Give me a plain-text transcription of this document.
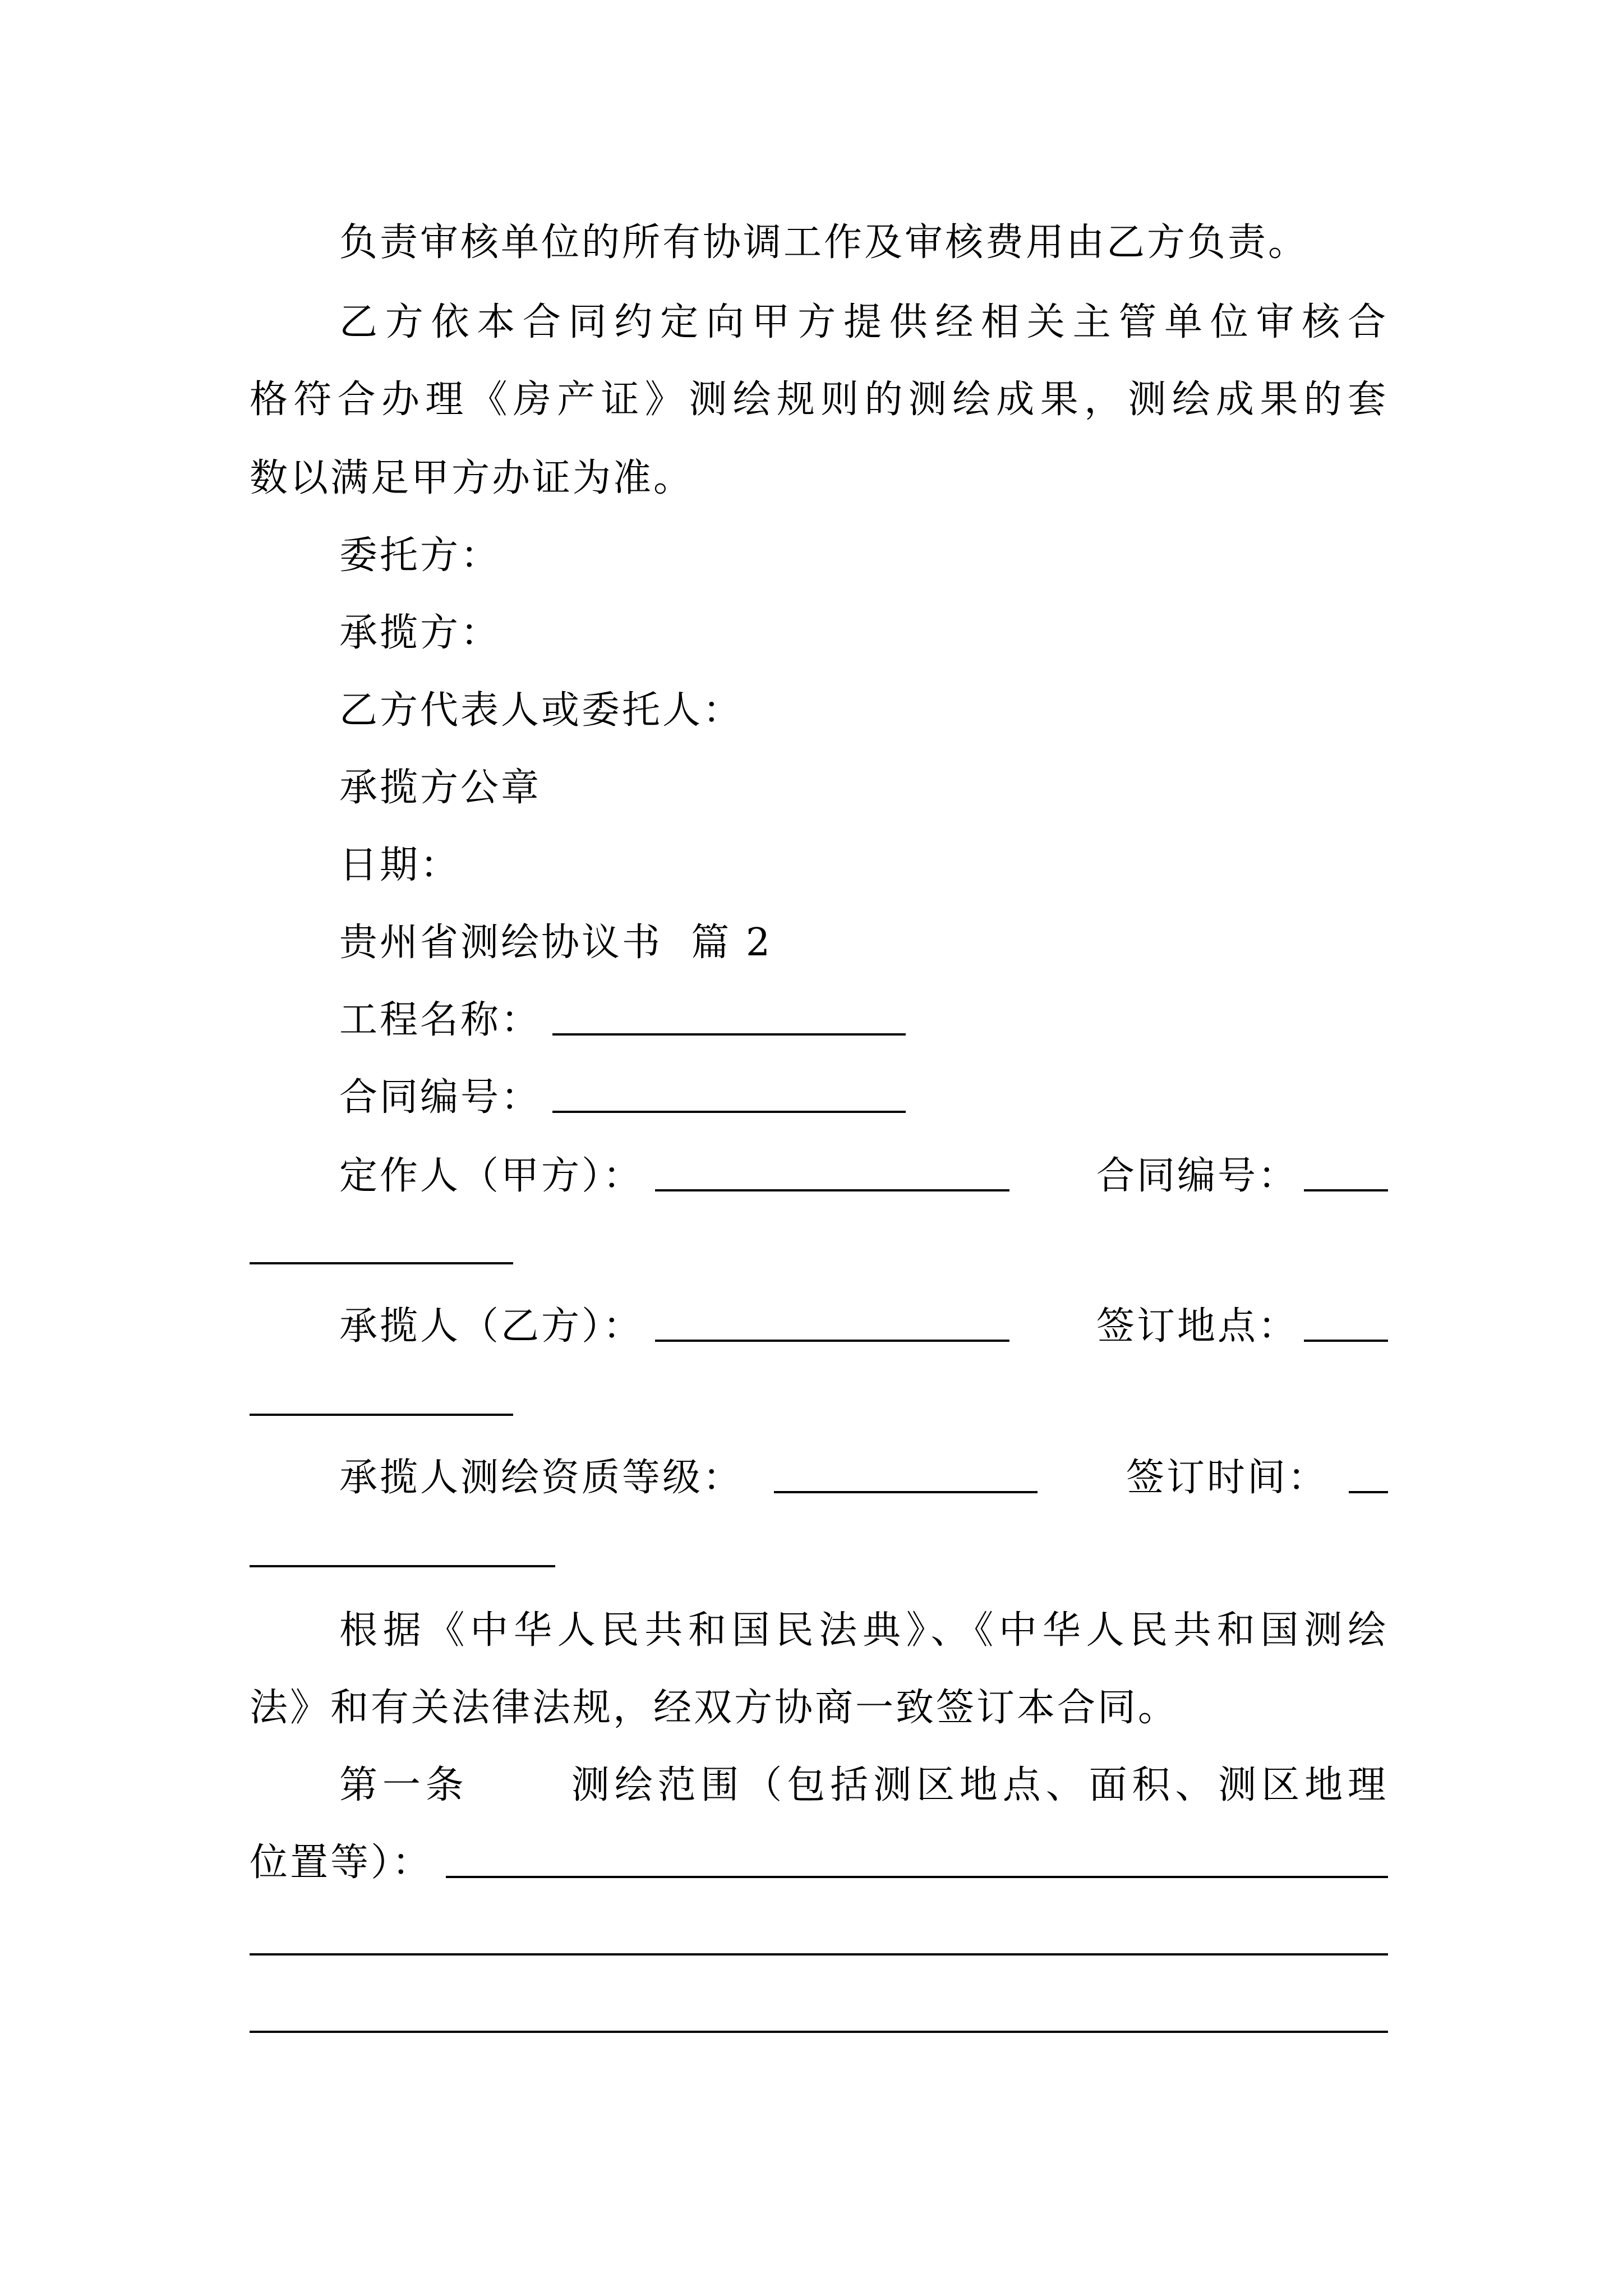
负责审核单位的所有协调工作及审核费用由乙方负责。
乙方依本合同约定向甲方提供经相关主管单位审核合
格符合办理《房产证》测绘规则的测绘成果，测绘成果的套
数以满足甲方办证为准。
委托方：
承揽方：
乙方代表人或委托人：
承揽方公章
日期：
贵州省测绘协议书  篇 2
工程名称：
合同编号：
定作人（甲方）：	合同编号：
承揽人（乙方）：	签订地点：
承揽人测绘资质等级：	签订时间：
根据《中华人民共和国民法典》、《中华人民共和国测绘
法》和有关法律法规，经双方协商一致签订本合同。
第一条      测绘范围（包括测区地点、面积、测区地理
位置等）：
